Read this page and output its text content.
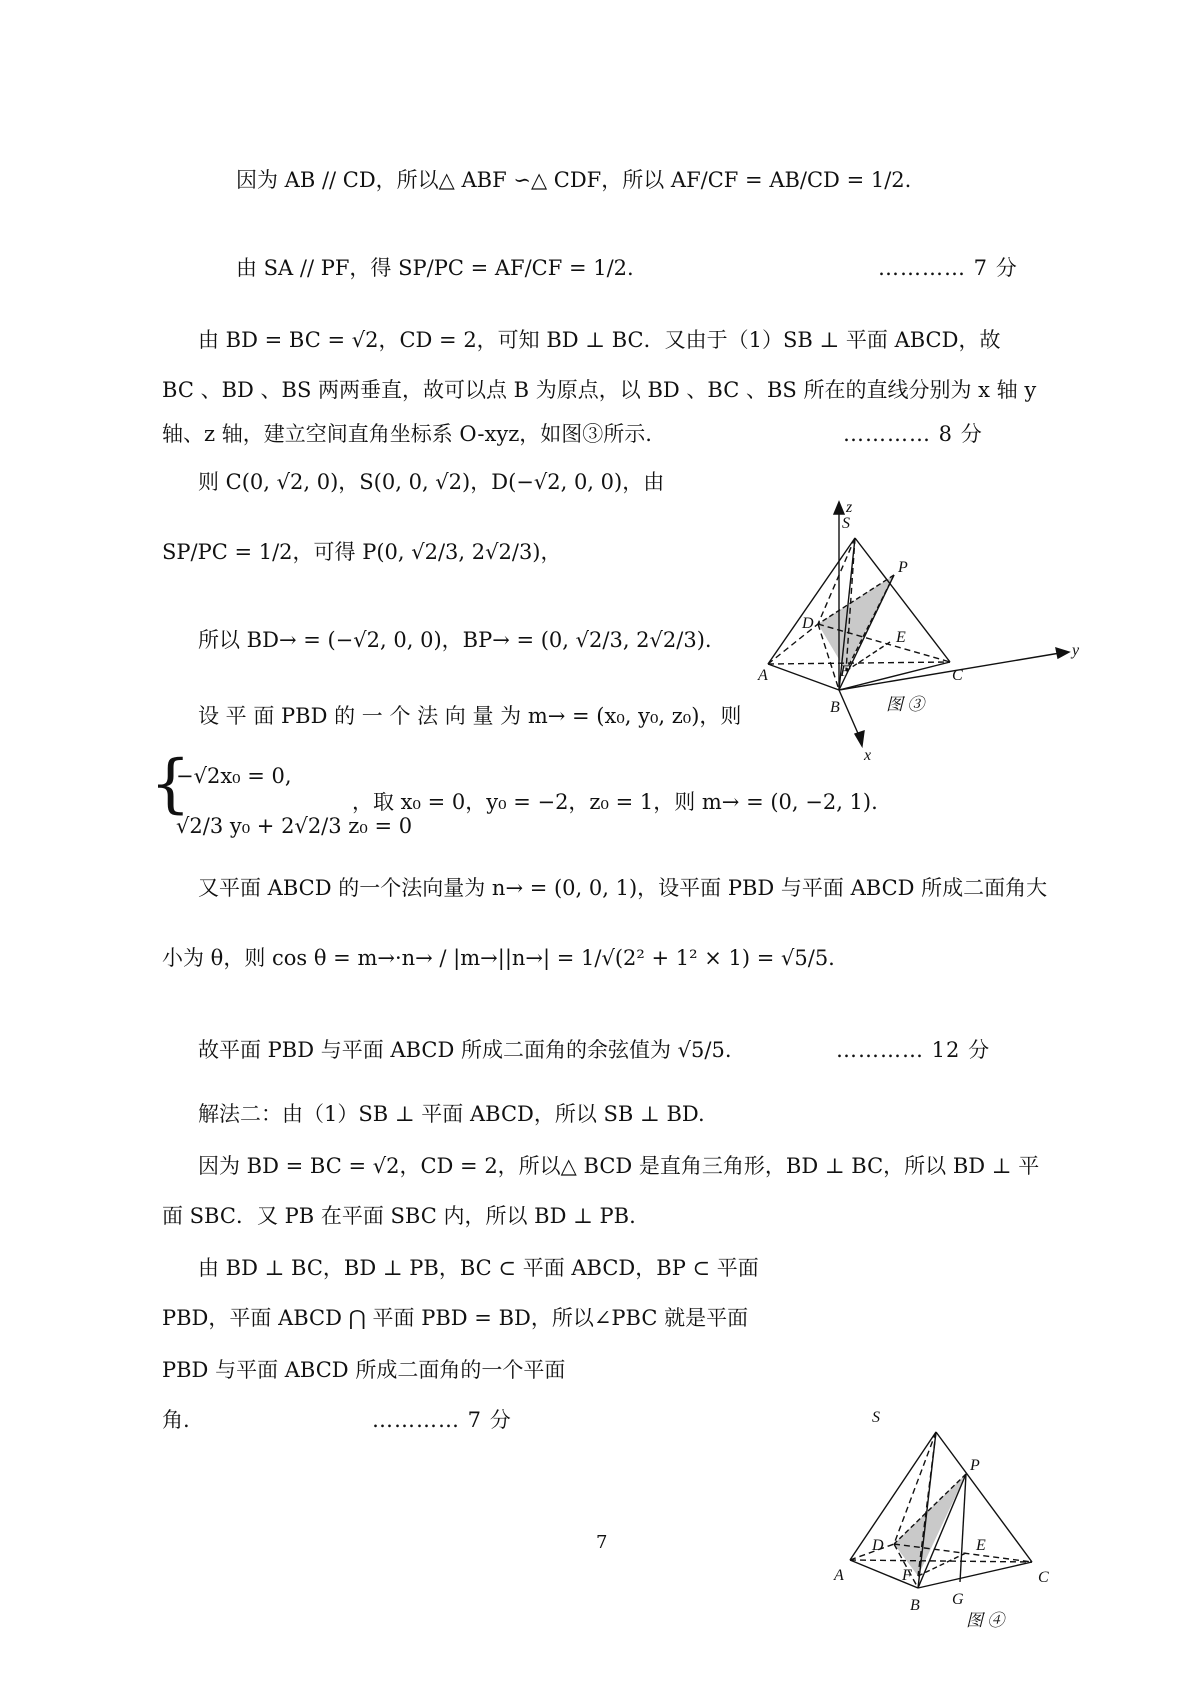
因为 AB // CD，所以△ ABF ∽△ CDF，所以 AF/CF = AB/CD = 1/2.
由 SA // PF，得 SP/PC = AF/CF = 1/2.	………… 7 分
由 BD = BC = √2，CD = 2，可知 BD ⊥ BC．又由于（1）SB ⊥ 平面 ABCD，故
BC 、BD 、BS 两两垂直，故可以点 B 为原点，以 BD 、BC 、BS 所在的直线分别为 x 轴 y
轴、z 轴，建立空间直角坐标系 O-xyz，如图③所示.	………… 8 分
则 C(0, √2, 0)，S(0, 0, √2)，D(−√2, 0, 0)，由
SP/PC = 1/2，可得 P(0, √2/3, 2√2/3)，
所以 BD→ = (−√2, 0, 0)，BP→ = (0, √2/3, 2√2/3).
设 平 面 PBD 的 一 个 法 向 量 为 m→ = (x₀, y₀, z₀)，则
{
−√2x₀ = 0,
√2/3 y₀ + 2√2/3 z₀ = 0
，取 x₀ = 0，y₀ = −2，z₀ = 1，则 m→ = (0, −2, 1).
又平面 ABCD 的一个法向量为 n→ = (0, 0, 1)，设平面 PBD 与平面 ABCD 所成二面角大
小为 θ，则 cos θ = m→·n→ / |m→||n→| = 1/√(2² + 1² × 1) = √5/5.
故平面 PBD 与平面 ABCD 所成二面角的余弦值为 √5/5.	………… 12 分
解法二：由（1）SB ⊥ 平面 ABCD，所以 SB ⊥ BD.
因为 BD = BC = √2，CD = 2，所以△ BCD 是直角三角形，BD ⊥ BC，所以 BD ⊥ 平
面 SBC．又 PB 在平面 SBC 内，所以 BD ⊥ PB.
由 BD ⊥ BC，BD ⊥ PB，BC ⊂ 平面 ABCD，BP ⊂ 平面
PBD，平面 ABCD ⋂ 平面 PBD = BD，所以∠PBC 就是平面
PBD 与平面 ABCD 所成二面角的一个平面
角.	………… 7 分
z
S
P
D
E
y
A	F	C
B
x
图 ③
S
P
D	E
A	F	C
B G
图 ④
7
